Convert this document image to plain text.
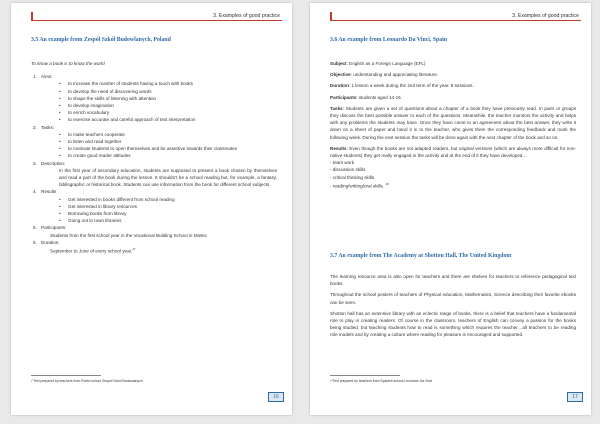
3. Examples of good practice
3.5 An example from Zespół Szkół Budowlanych, Poland
To know a book is to know the world
1. Aims:
• to increase the number of students having a touch with books
• to develop the need of discovering words
• to shape the skills of listening with attention
• to develop imagination
• to enrich vocabulary
• to exercise accurate and careful approach of text interpretation
2. Tasks:
• to make teachers cooperate
• to listen and read together
• to motivate students to open themselves and be assertive towards their classmates
• to create good reader attitudes
3. Description:
In the first year of secondary education, students are supposed to present a book chosen by themselves and read a part of the book during the lesson. It shouldn’t be a school reading but, for example, a fantasy, bibliographic or historical book. Students can use information from the book for different school subjects.
4. Results
• Get interested in books different from school reading
• Get interested in library resources
• Borrowing books from library
• Going out to town libraries
5. Participants:
Students from the first school year in the Vocational Building School in Mielec
6. Duration:
September to June of every school year.$^{17}$
.
¹⁷Text prepared by teachers from Polish school Zespół Szkół Budowlanych
16
3. Examples of good practice
3.6 An example from Leonardo Da Vinci, Spain

Subject: English as a Foreign Language (EFL)

Objective: understanding and appreciating literature.

Duration: 1 lesson a week during the 2nd term of the year. 8 sessions.

Participants: students aged 14-16.

Tasks: Students are given a set of questions about a chapter of a book they have previously read. In pairs or groups they discuss the best possible answer to each of the questions. Meanwhile, the teacher monitors the activity and helps with any problems the students may have. Once they have come to an agreement about the best answer, they write it down on a sheet of paper and hand it in to the teacher, who gives them the corresponding feedback and mark the following week. During the next session the tasks will be done again with the next chapter of the book and so on.

Results: Even though the books are not adapted readers, but original versions (which are always more difficult for non-native students) they get really engaged in the activity and at the end of it they have developed…

- team work
- discussion skills
- critical thinking skills
- reading/writing/oral skills. $^{18}$
3.7 An example from The Academy at Shotton Hall, The United Kingdom

The learning resource area is also open for teachers and there are shelves for teachers to reference pedagogical text books.

Throughout the school posters of teachers of Physical education, Mathematics, Science describing their favorite ebooks can be seen.

Shotton hall has an extensive library with an eclectic range of books, there is a belief that teachers have a fundamental role to play in creating readers. Of course in the classroom, teachers of English can convey a passion for the books being studied, but teaching students how to read is something which requires the teacher…all teachers to be reading role models and by creating a culture where reading for pleasure is encouraged and supported.

.
¹⁸Text prepared by teachers from Spanish school Leonardo Da Vinci
17
